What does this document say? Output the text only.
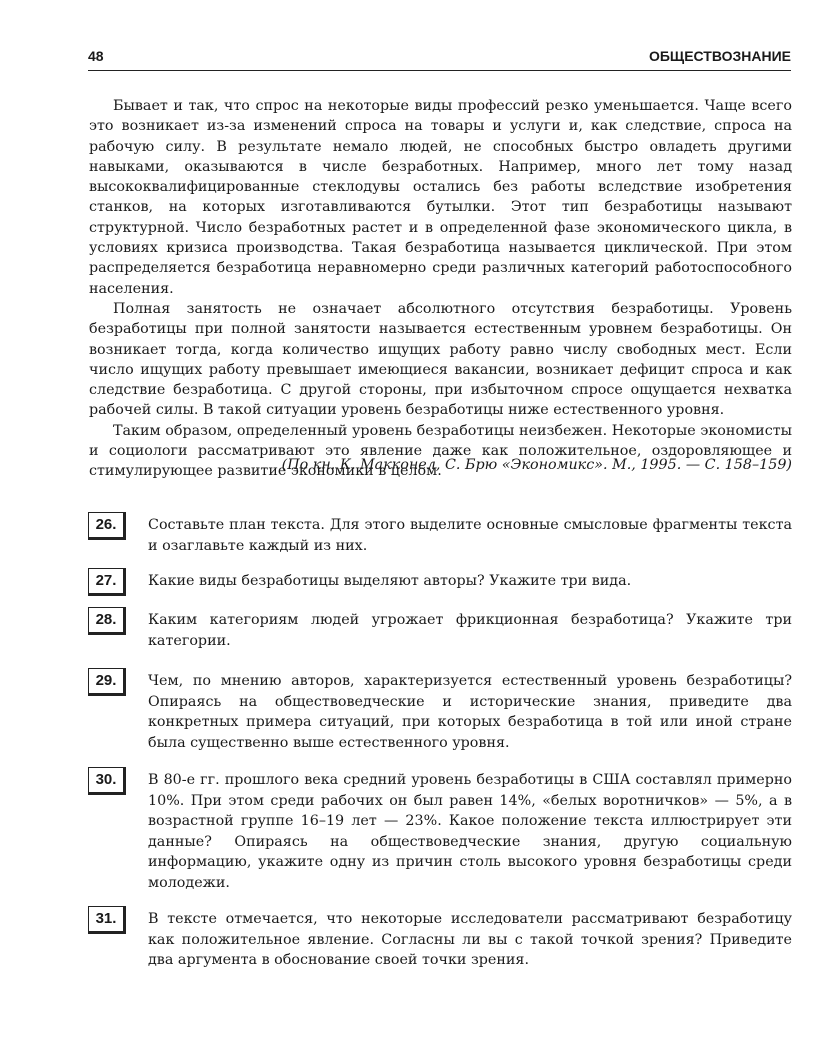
48	ОБЩЕСТВОЗНАНИЕ

Бывает и так, что спрос на некоторые виды профессий резко уменьшается. Чаще всего это возникает из-за изменений спроса на товары и услуги и, как следствие, спроса на рабочую силу. В результате немало людей, не способных быстро овладеть другими навыками, оказываются в числе безработных. Например, много лет тому назад высококвалифицированные стеклодувы остались без работы вследствие изобретения станков, на которых изготавливаются бутылки. Этот тип безработицы называют структурной. Число безработных растет и в определенной фазе экономического цикла, в условиях кризиса производства. Такая безработица называется циклической. При этом распределяется безработица неравномерно среди различных категорий работоспособного населения.

Полная занятость не означает абсолютного отсутствия безработицы. Уровень безработицы при полной занятости называется естественным уровнем безработицы. Он возникает тогда, когда количество ищущих работу равно числу свободных мест. Если число ищущих работу превышает имеющиеся вакансии, возникает дефицит спроса и как следствие безработица. С другой стороны, при избыточном спросе ощущается нехватка рабочей силы. В такой ситуации уровень безработицы ниже естественного уровня.

Таким образом, определенный уровень безработицы неизбежен. Некоторые экономисты и социологи рассматривают это явление даже как положительное, оздоровляющее и стимулирующее развитие экономики в целом.

(По кн. К. Макконел, С. Брю «Экономикс». М., 1995. — С. 158–159)
26.	Составьте план текста. Для этого выделите основные смысловые фрагменты текста и озаглавьте каждый из них.
27.	Какие виды безработицы выделяют авторы? Укажите три вида.
28.	Каким категориям людей угрожает фрикционная безработица? Укажите три категории.
29.	Чем, по мнению авторов, характеризуется естественный уровень безработицы? Опираясь на обществоведческие и исторические знания, приведите два конкретных примера ситуаций, при которых безработица в той или иной стране была существенно выше естественного уровня.
30.	В 80-е гг. прошлого века средний уровень безработицы в США составлял примерно 10%. При этом среди рабочих он был равен 14%, «белых воротничков» — 5%, а в возрастной группе 16–19 лет — 23%. Какое положение текста иллюстрирует эти данные? Опираясь на обществоведческие знания, другую социальную информацию, укажите одну из причин столь высокого уровня безработицы среди молодежи.
31.	В тексте отмечается, что некоторые исследователи рассматривают безработицу как положительное явление. Согласны ли вы с такой точкой зрения? Приведите два аргумента в обоснование своей точки зрения.
